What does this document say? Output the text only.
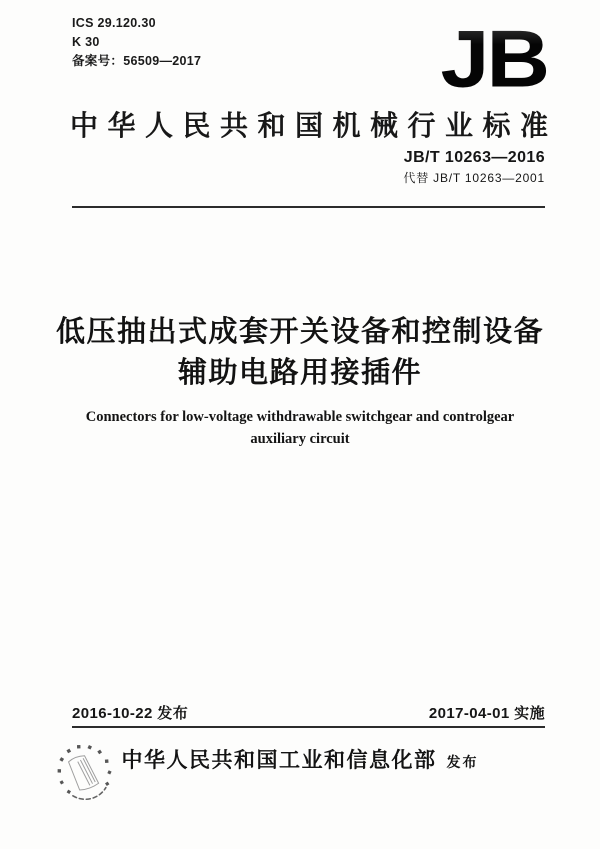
ICS 29.120.30
K 30
备案号：56509—2017	JB
中华人民共和国机械行业标准
JB/T 10263—2016
代替 JB/T 10263—2001
低压抽出式成套开关设备和控制设备
辅助电路用接插件
Connectors for low-voltage withdrawable switchgear and controlgear
auxiliary circuit
2016-10-22 发布	2017-04-01 实施
中华人民共和国工业和信息化部 发布
